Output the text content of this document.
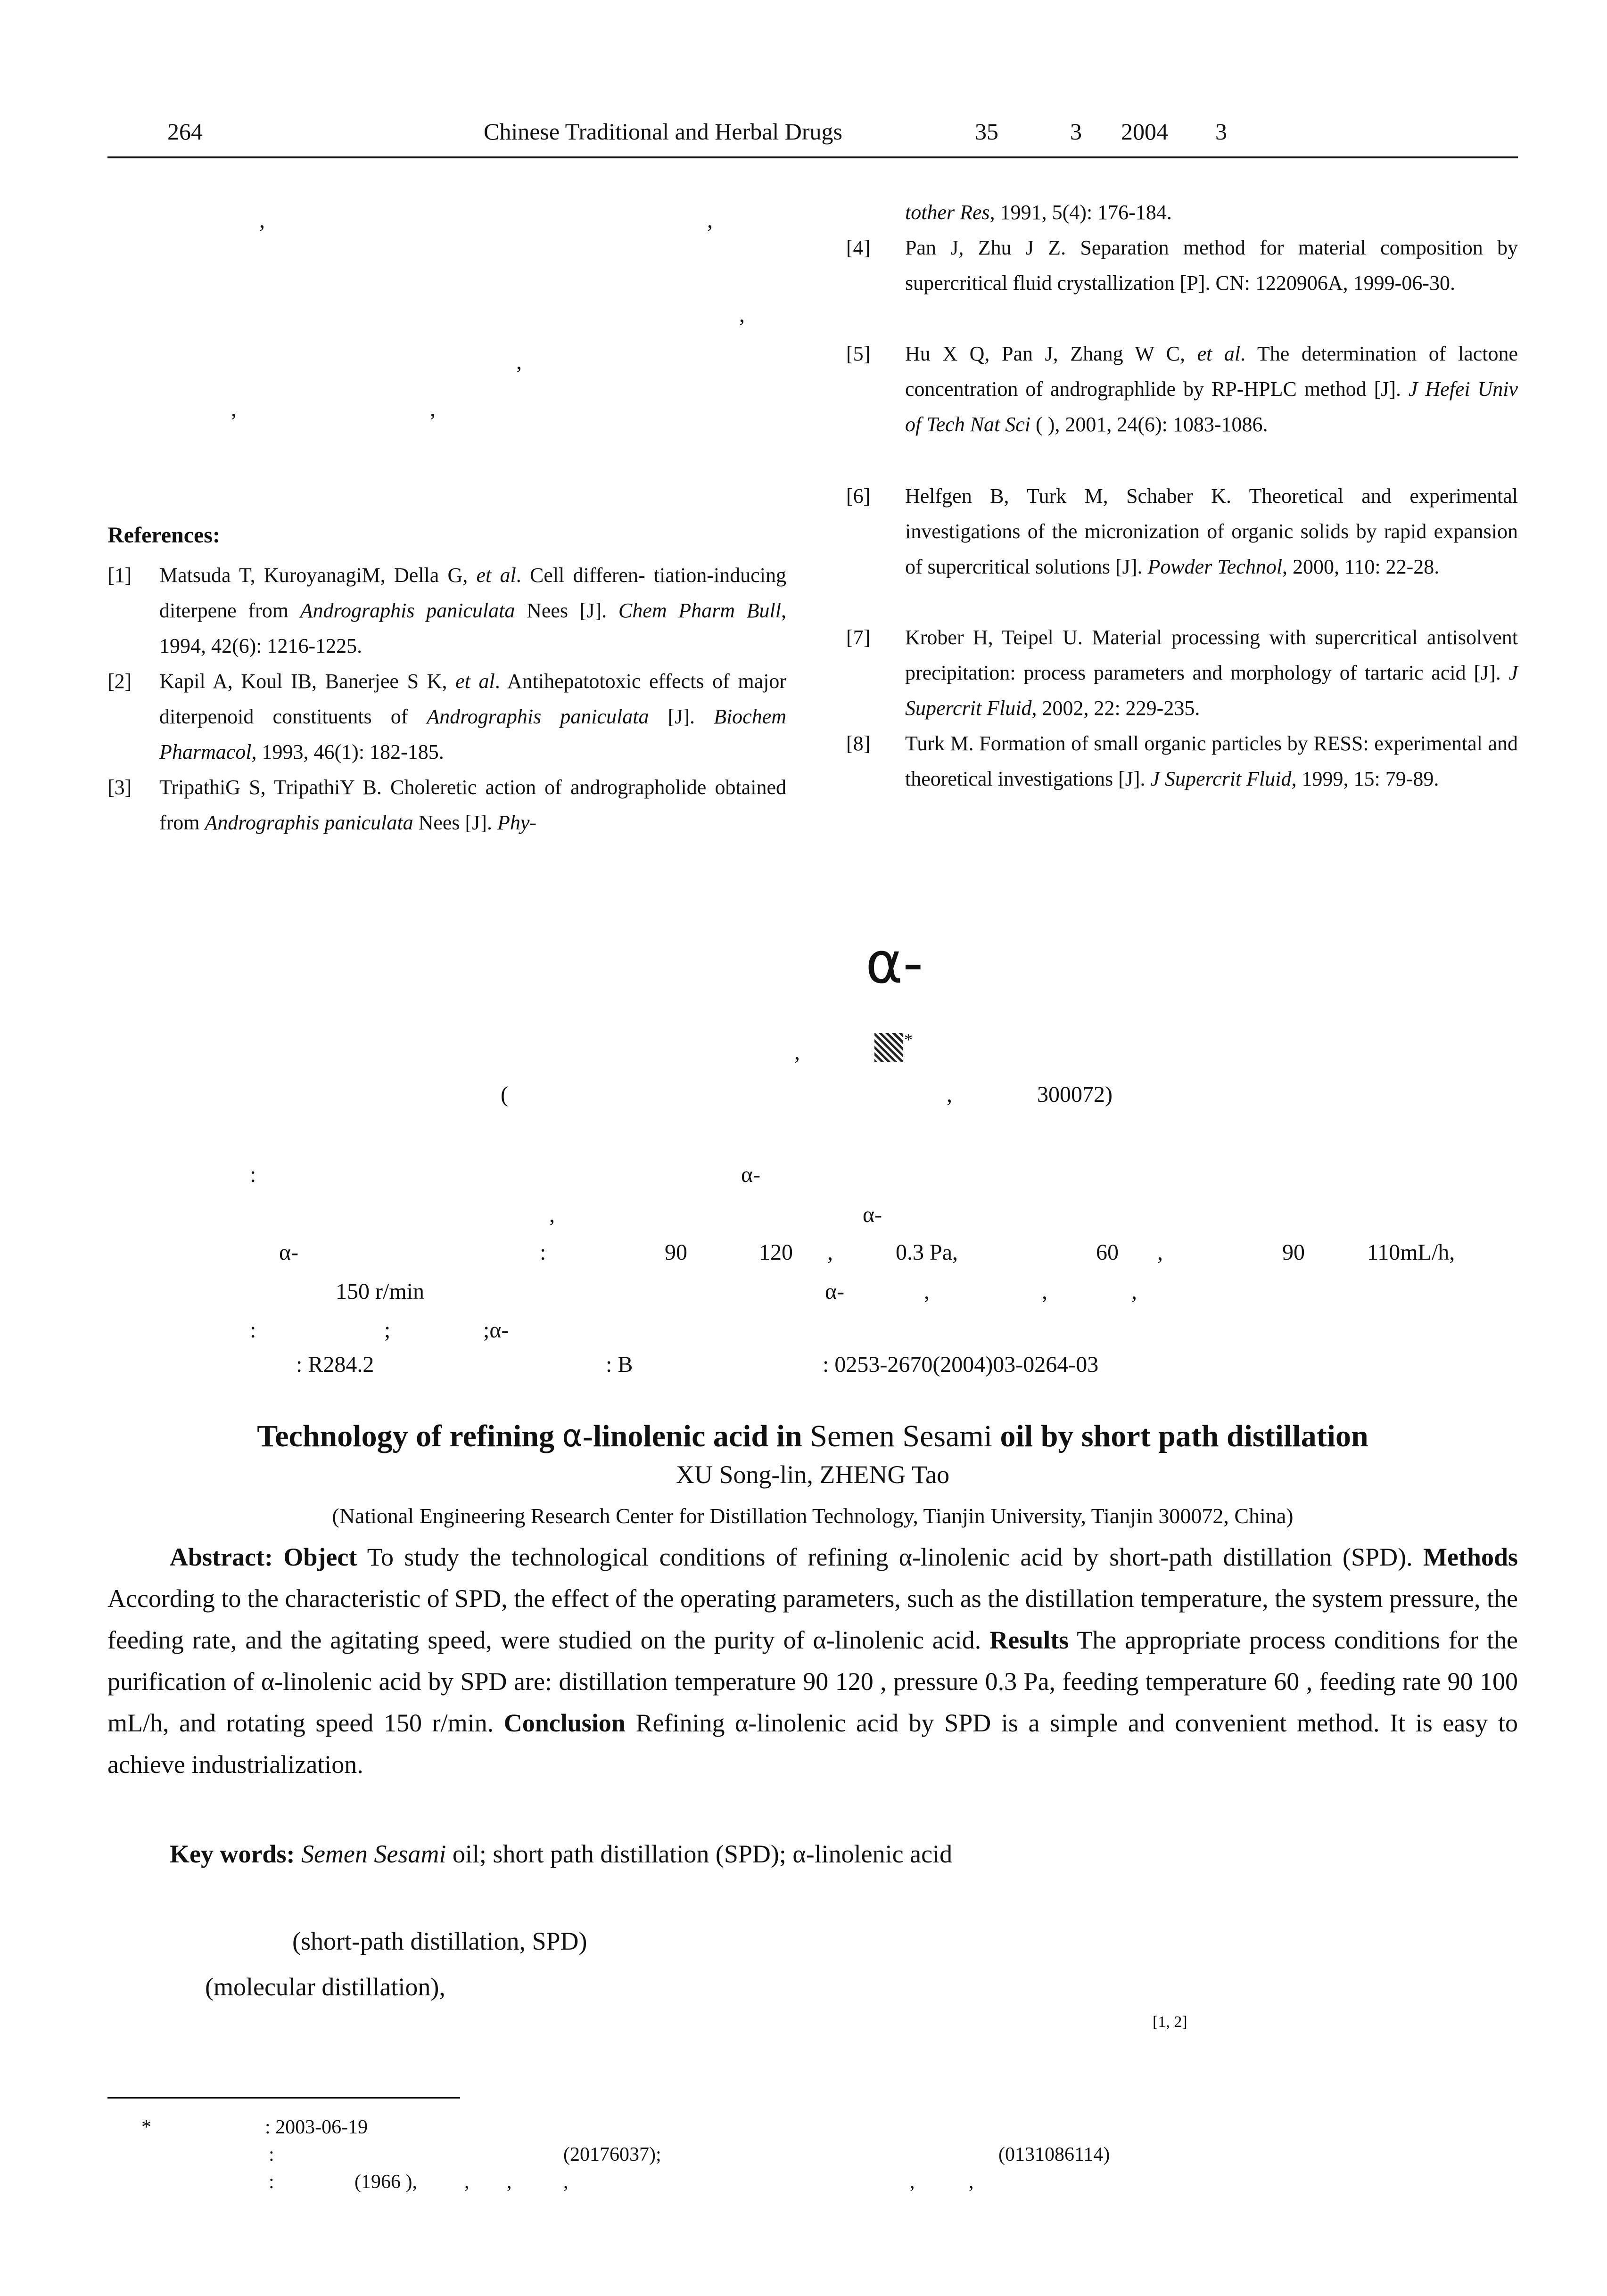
264	Chinese Traditional and Herbal Drugs	35	3 2004 3
,	,
,
,
,	,
References:
[1] Matsuda T, KuroyanagiM, Della G, et al. Cell differen- tiation-inducing diterpene from Andrographis paniculata Nees [J]. Chem Pharm Bull, 1994, 42(6): 1216-1225.
[2] Kapil A, Koul IB, Banerjee S K, et al. Antihepatotoxic effects of major diterpenoid constituents of Andrographis paniculata [J]. Biochem Pharmacol, 1993, 46(1): 182-185.
[3] TripathiG S, TripathiY B. Choleretic action of andrographolide obtained from Andrographis paniculata Nees [J]. Phy-
tother Res, 1991, 5(4): 176-184.
[4] Pan J, Zhu J Z. Separation method for material composition by supercritical fluid crystallization [P]. CN: 1220906A, 1999-06-30.
[5] Hu X Q, Pan J, Zhang W C, et al. The determination of lactone concentration of andrographlide by RP-HPLC method [J]. J Hefei Univ of Tech Nat Sci ( ), 2001, 24(6): 1083-1086.
[6] Helfgen B, Turk M, Schaber K. Theoretical and experimental investigations of the micronization of organic solids by rapid expansion of supercritical solutions [J]. Powder Technol, 2000, 110: 22-28.
[7] Krober H, Teipel U. Material processing with supercritical antisolvent precipitation: process parameters and morphology of tartaric acid [J]. J Supercrit Fluid, 2002, 22: 229-235.
[8] Turk M. Formation of small organic particles by RESS: experimental and theoretical investigations [J]. J Supercrit Fluid, 1999, 15: 79-89.
α-
,	*
(	,	300072)
:	α-
,	α-
α-	:	90	120 ,	0.3 Pa,	60 ,	90	110mL/h,
150 r/min	α-	,	,	,
:	;	;α-
: R284.2	: B	: 0253-2670(2004)03-0264-03
Technology of refining α-linolenic acid in Semen Sesami oil by short path distillation
XU Song-lin, ZHENG Tao
(National Engineering Research Center for Distillation Technology, Tianjin University, Tianjin 300072, China)
Abstract: Object To study the technological conditions of refining α-linolenic acid by short-path distillation (SPD). Methods According to the characteristic of SPD, the effect of the operating parameters, such as the distillation temperature, the system pressure, the feeding rate, and the agitating speed, were studied on the purity of α-linolenic acid. Results The appropriate process conditions for the purification of α-linolenic acid by SPD are: distillation temperature 90 120 , pressure 0.3 Pa, feeding temperature 60 , feeding rate 90 100 mL/h, and rotating speed 150 r/min. Conclusion Refining α-linolenic acid by SPD is a simple and convenient method. It is easy to achieve industrialization.
Key words: Semen Sesami oil; short path distillation (SPD); α-linolenic acid
(short-path distillation, SPD)
(molecular distillation),
[1, 2]
*	: 2003-06-19
:	(20176037);	(0131086114)
:	(1966 ), , ,	,	,	,
